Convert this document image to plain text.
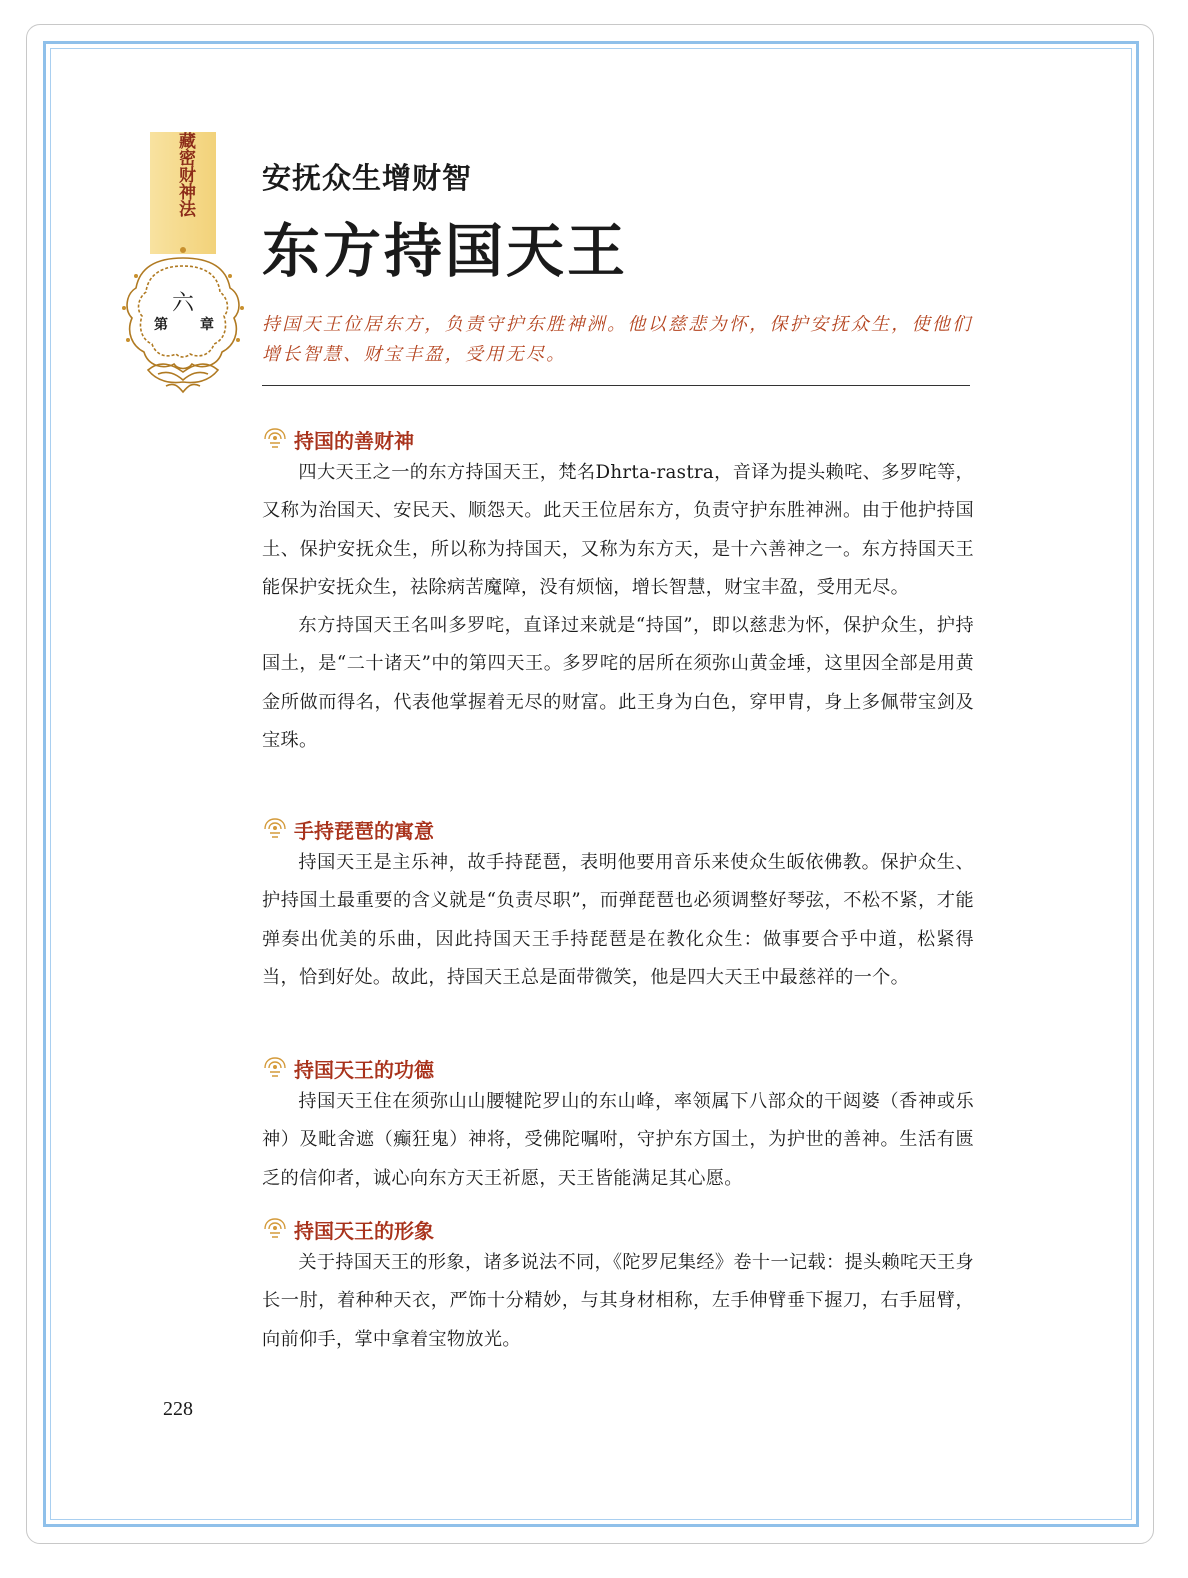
藏密财神法
第
六
章
安抚众生增财智
东方持国天王
持国天王位居东方，负责守护东胜神洲。他以慈悲为怀，保护安抚众生，使他们增长智慧、财宝丰盈，受用无尽。
持国的善财神

四大天王之一的东方持国天王，梵名Dhrta-rastra，音译为提头赖咤、多罗咤等，又称为治国天、安民天、顺怨天。此天王位居东方，负责守护东胜神洲。由于他护持国土、保护安抚众生，所以称为持国天，又称为东方天，是十六善神之一。东方持国天王能保护安抚众生，祛除病苦魔障，没有烦恼，增长智慧，财宝丰盈，受用无尽。

东方持国天王名叫多罗咤，直译过来就是“持国”，即以慈悲为怀，保护众生，护持国土，是“二十诸天”中的第四天王。多罗咤的居所在须弥山黄金埵，这里因全部是用黄金所做而得名，代表他掌握着无尽的财富。此王身为白色，穿甲胄，身上多佩带宝剑及宝珠。

手持琵琶的寓意

持国天王是主乐神，故手持琵琶，表明他要用音乐来使众生皈依佛教。保护众生、护持国土最重要的含义就是“负责尽职”，而弹琵琶也必须调整好琴弦，不松不紧，才能弹奏出优美的乐曲，因此持国天王手持琵琶是在教化众生：做事要合乎中道，松紧得当，恰到好处。故此，持国天王总是面带微笑，他是四大天王中最慈祥的一个。

持国天王的功德

持国天王住在须弥山山腰犍陀罗山的东山峰，率领属下八部众的干闼婆（香神或乐神）及毗舍遮（癫狂鬼）神将，受佛陀嘱咐，守护东方国土，为护世的善神。生活有匮乏的信仰者，诚心向东方天王祈愿，天王皆能满足其心愿。

持国天王的形象

关于持国天王的形象，诸多说法不同，《陀罗尼集经》卷十一记载：提头赖咤天王身长一肘，着种种天衣，严饰十分精妙，与其身材相称，左手伸臂垂下握刀，右手屈臂，向前仰手，掌中拿着宝物放光。

228
